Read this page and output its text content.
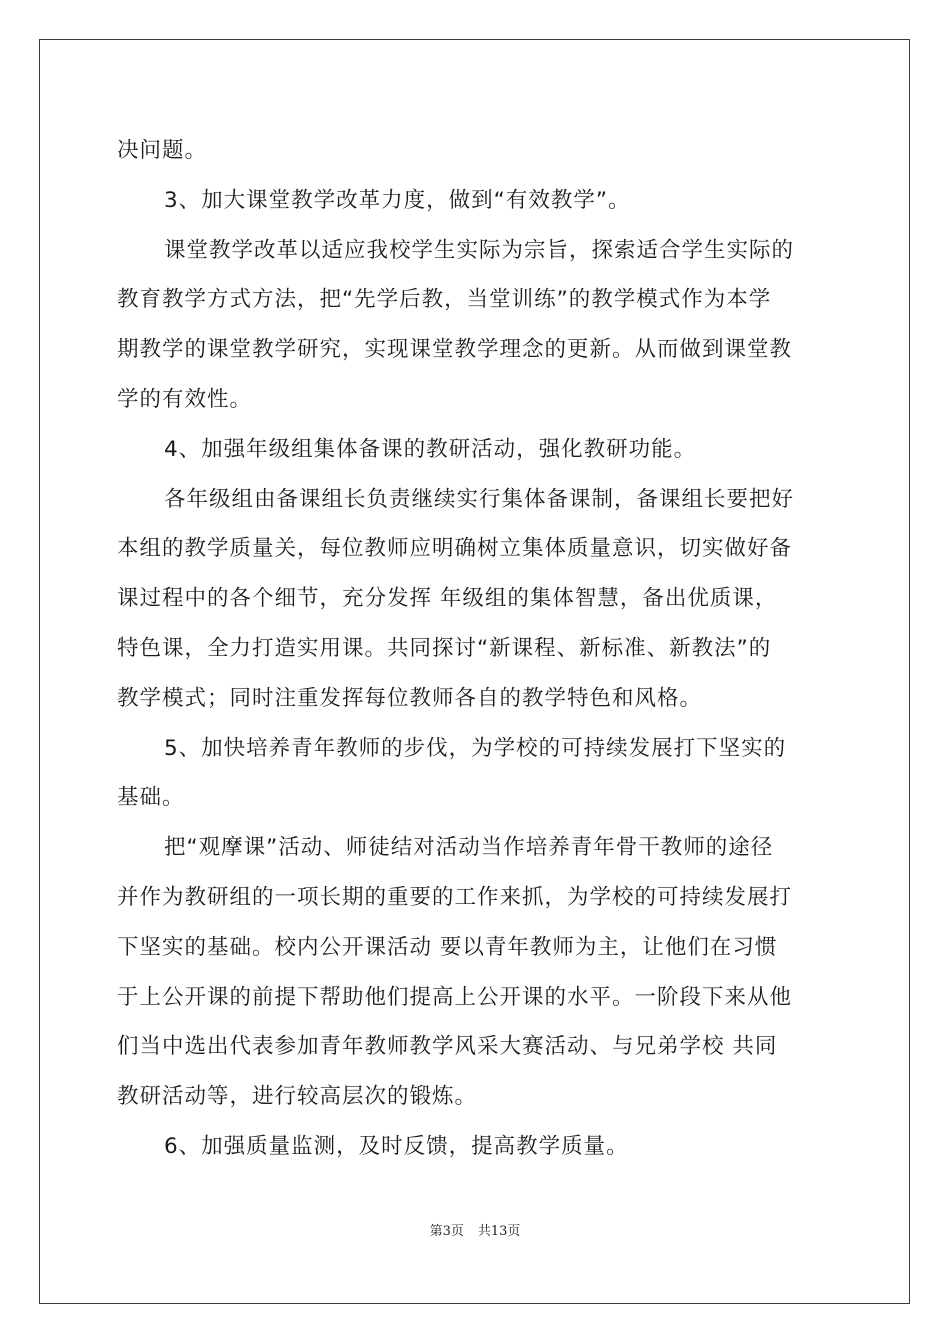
决问题。
3、加大课堂教学改革力度，做到“有效教学”。
课堂教学改革以适应我校学生实际为宗旨，探索适合学生实际的
教育教学方式方法，把“先学后教，当堂训练”的教学模式作为本学
期教学的课堂教学研究，实现课堂教学理念的更新。从而做到课堂教
学的有效性。
4、加强年级组集体备课的教研活动，强化教研功能。
各年级组由备课组长负责继续实行集体备课制，备课组长要把好
本组的教学质量关，每位教师应明确树立集体质量意识，切实做好备
课过程中的各个细节，充分发挥 年级组的集体智慧，备出优质课，
特色课，全力打造实用课。共同探讨“新课程、新标准、新教法”的
教学模式；同时注重发挥每位教师各自的教学特色和风格。
5、加快培养青年教师的步伐，为学校的可持续发展打下坚实的
基础。
把“观摩课”活动、师徒结对活动当作培养青年骨干教师的途径
并作为教研组的一项长期的重要的工作来抓，为学校的可持续发展打
下坚实的基础。校内公开课活动 要以青年教师为主，让他们在习惯
于上公开课的前提下帮助他们提高上公开课的水平。一阶段下来从他
们当中选出代表参加青年教师教学风采大赛活动、与兄弟学校 共同
教研活动等，进行较高层次的锻炼。
6、加强质量监测，及时反馈，提高教学质量。
第3页 共13页
